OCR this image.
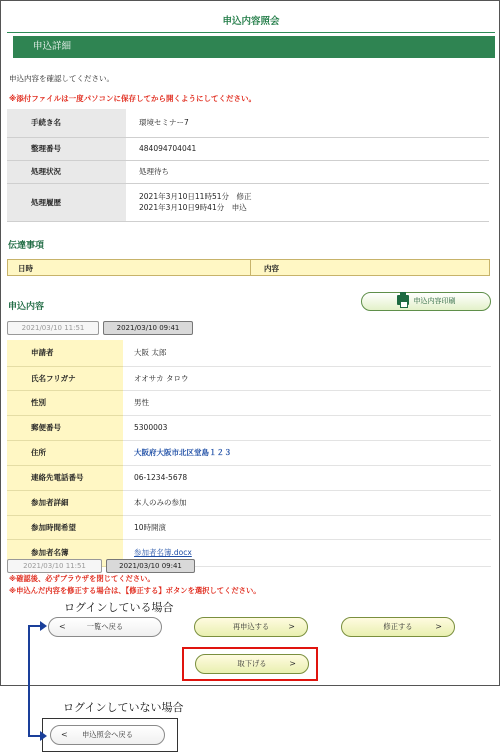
申込内容照会
申込詳細
申込内容を確認してください。
※添付ファイルは一度パソコンに保存してから開くようにしてください。
手続き名	環境セミナー7
整理番号	484094704041
処理状況	処理待ち
処理履歴	2021年3月10日11時51分　修正
2021年3月10日9時41分　申込
伝達事項
日時	内容
申込内容
申込内容印刷
2021/03/10 11:51	2021/03/10 09:41
申請者	大阪 太郎
氏名フリガナ	オオサカ タロウ
性別	男性
郵便番号	5300003
住所	大阪府大阪市北区堂島１２３
連絡先電話番号	06-1234-5678
参加者詳細	本人のみの参加
参加時間希望	10時開演
参加者名簿	参加者名簿.docx
2021/03/10 11:51	2021/03/10 09:41
※確認後、必ずブラウザを閉じてください。
※申込んだ内容を修正する場合は、【修正する】ボタンを選択してください。
ログインしている場合
<	一覧へ戻る	再申込する >	修正する	>
取下げる	>
ログインしていない場合
< 申込照会へ戻る
